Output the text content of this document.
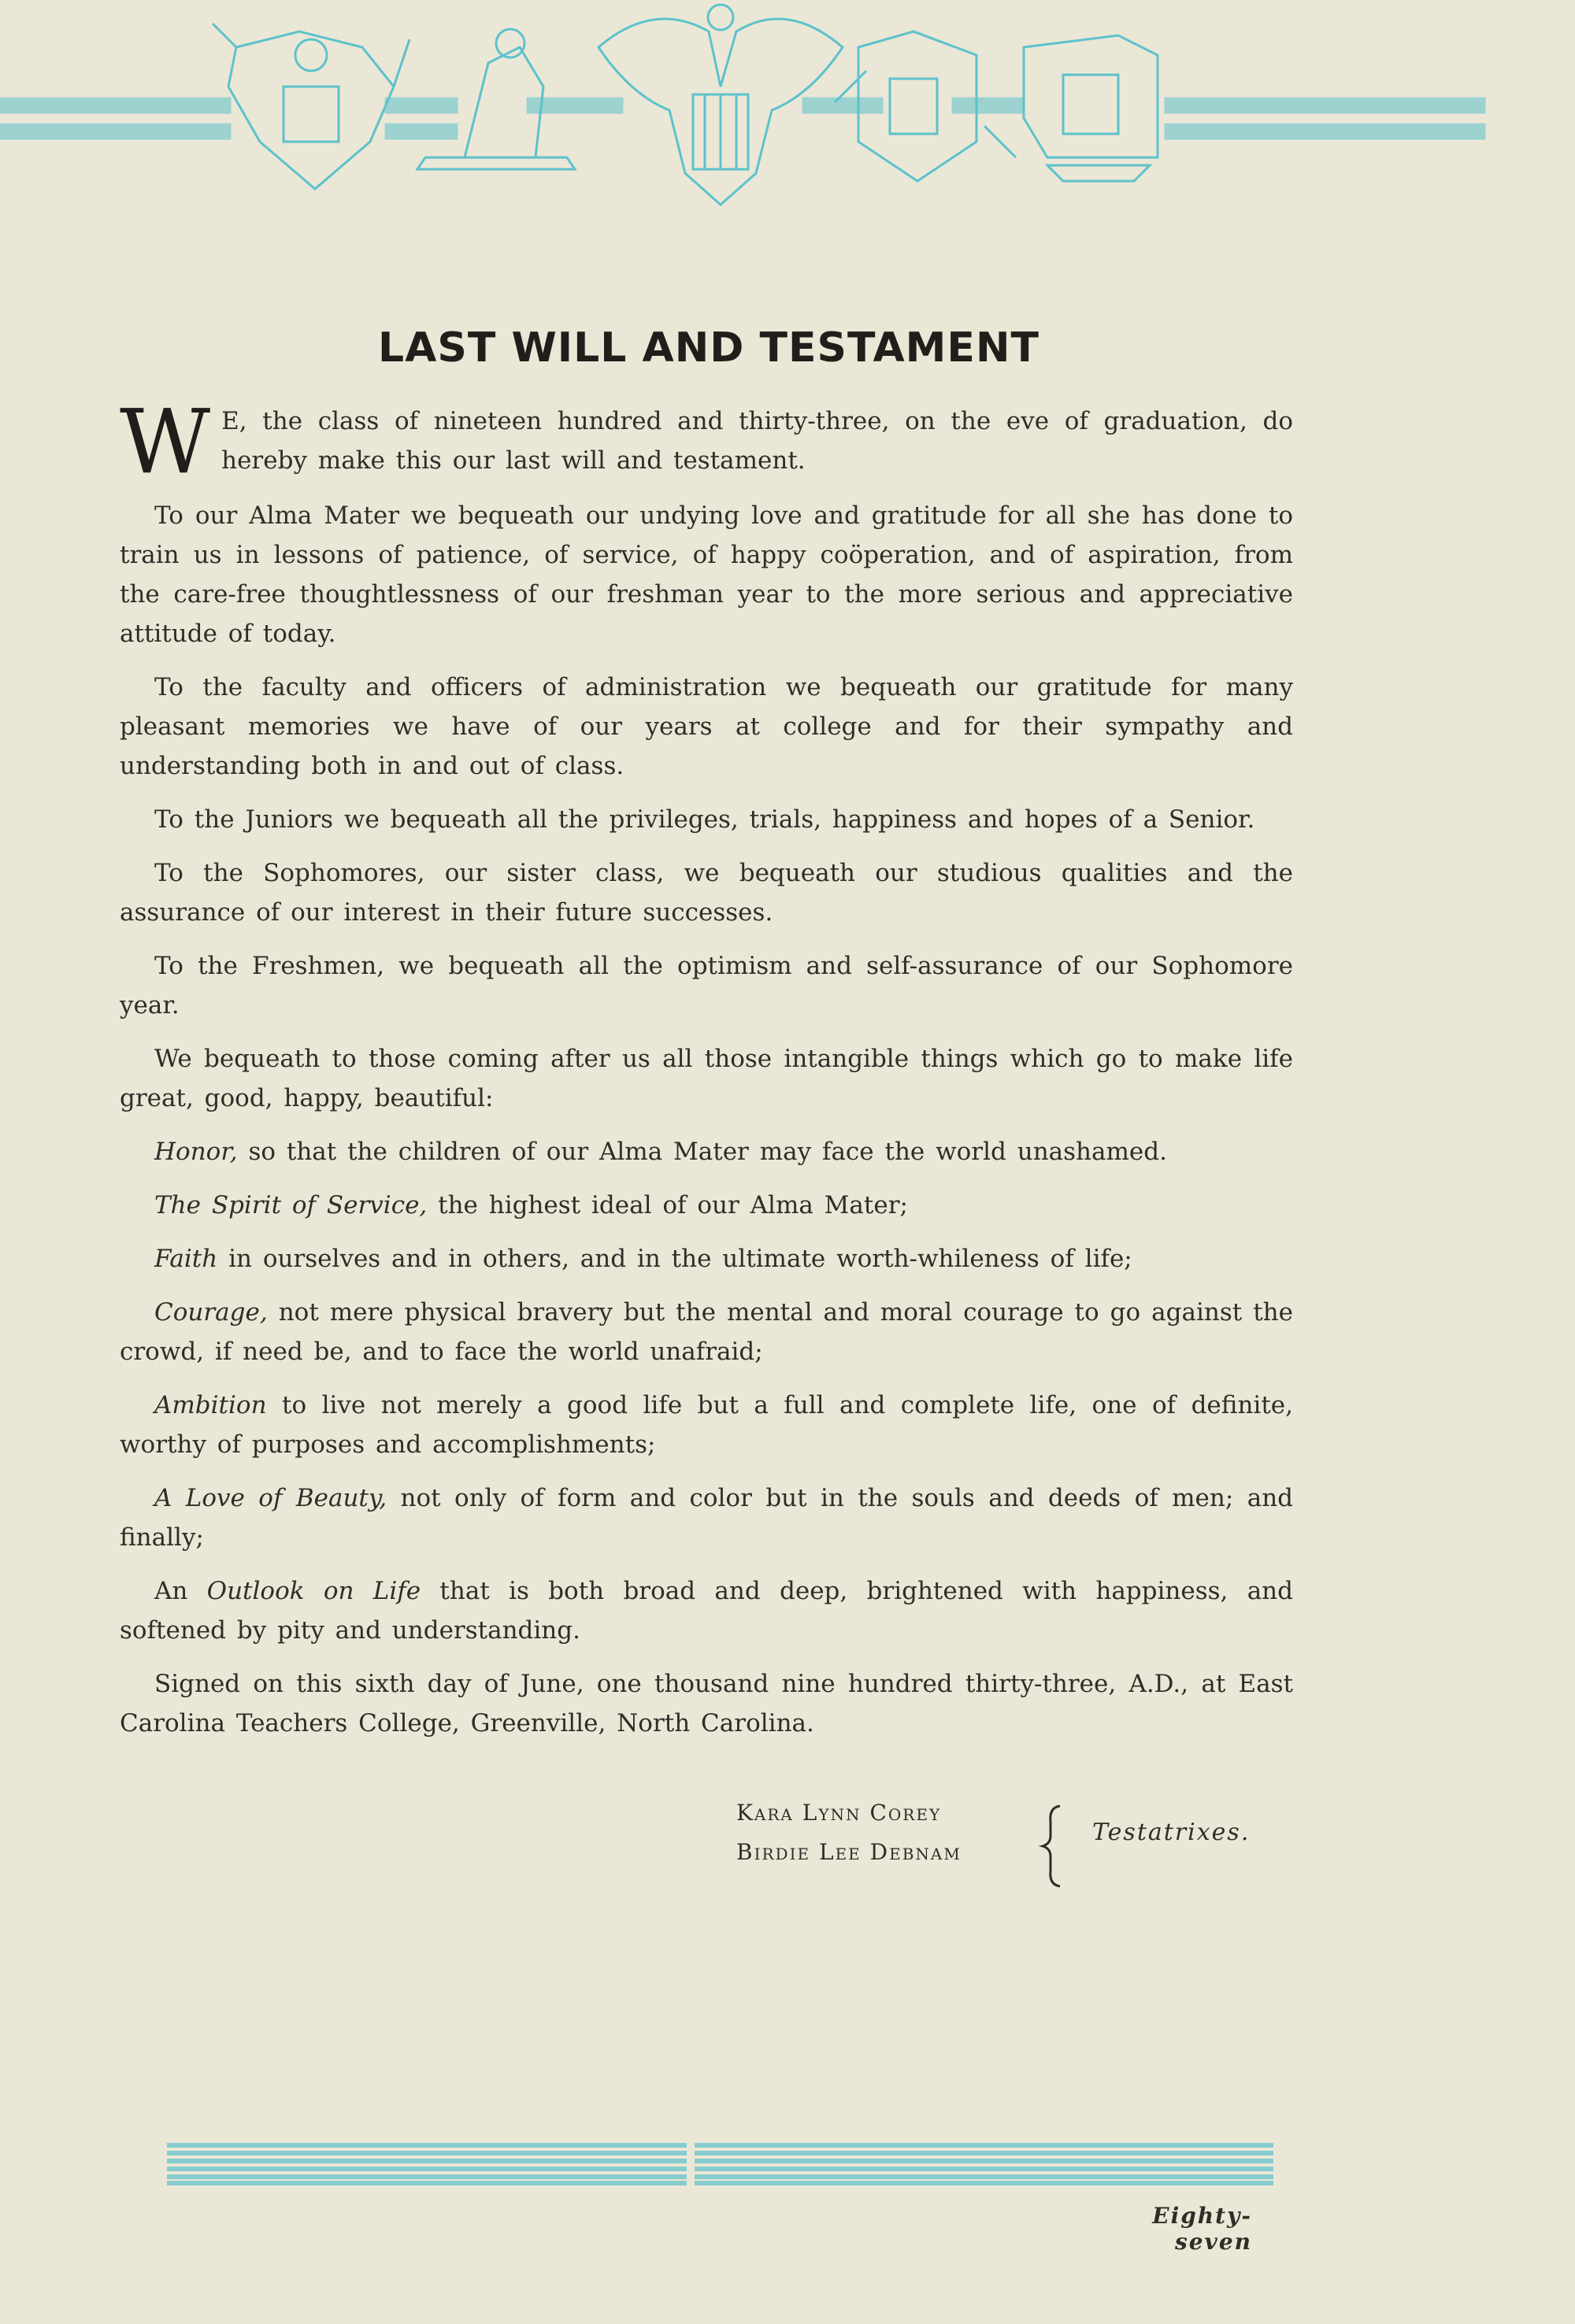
LAST WILL AND TESTAMENT

W E, the class of nineteen hundred and thirty-three, on the eve of graduation, do hereby make this our last will and testament.

To our Alma Mater we bequeath our undying love and gratitude for all she has done to train us in lessons of patience, of service, of happy coöperation, and of aspiration, from the care-free thoughtlessness of our freshman year to the more serious and appreciative attitude of today.

To the faculty and officers of administration we bequeath our gratitude for many pleasant memories we have of our years at college and for their sympathy and understanding both in and out of class.

To the Juniors we bequeath all the privileges, trials, happiness and hopes of a Senior.

To the Sophomores, our sister class, we bequeath our studious qualities and the assurance of our interest in their future successes.

To the Freshmen, we bequeath all the optimism and self-assurance of our Sophomore year.

We bequeath to those coming after us all those intangible things which go to make life great, good, happy, beautiful:

Honor, so that the children of our Alma Mater may face the world unashamed.

The Spirit of Service, the highest ideal of our Alma Mater;

Faith in ourselves and in others, and in the ultimate worth-whileness of life;

Courage, not mere physical bravery but the mental and moral courage to go against the crowd, if need be, and to face the world unafraid;

Ambition to live not merely a good life but a full and complete life, one of definite, worthy of purposes and accomplishments;

A Love of Beauty, not only of form and color but in the souls and deeds of men; and finally;

An Outlook on Life that is both broad and deep, brightened with happiness, and softened by pity and understanding.

Signed on this sixth day of June, one thousand nine hundred thirty-three, A.D., at East Carolina Teachers College, Greenville, North Carolina.

Kara Lynn Corey
Birdie Lee Debnam
Testatrixes.
Eighty-seven
